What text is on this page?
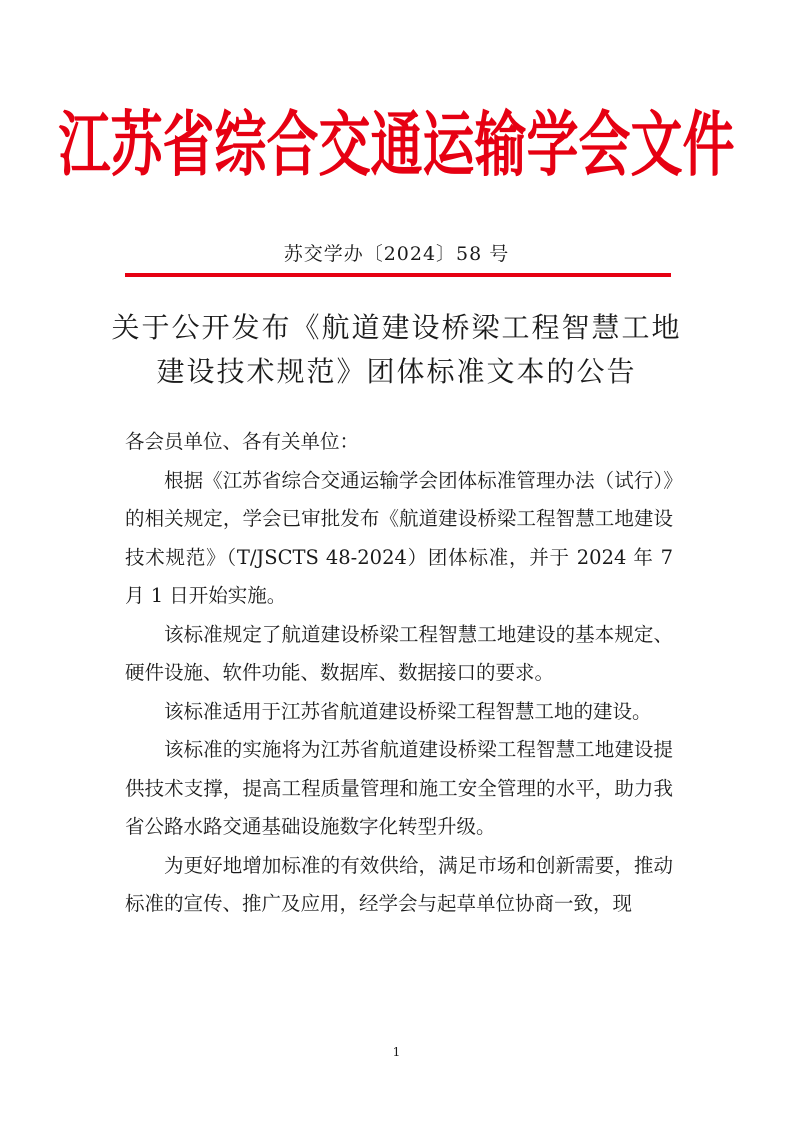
江苏省综合交通运输学会文件
苏交学办〔2024〕58 号
关于公开发布《航道建设桥梁工程智慧工地
建设技术规范》团体标准文本的公告

各会员单位、各有关单位：

根据《江苏省综合交通运输学会团体标准管理办法（试行）》的相关规定，学会已审批发布《航道建设桥梁工程智慧工地建设技术规范》（T/JSCTS 48-2024）团体标准，并于 2024 年 7 月 1 日开始实施。

该标准规定了航道建设桥梁工程智慧工地建设的基本规定、硬件设施、软件功能、数据库、数据接口的要求。

该标准适用于江苏省航道建设桥梁工程智慧工地的建设。

该标准的实施将为江苏省航道建设桥梁工程智慧工地建设提供技术支撑，提高工程质量管理和施工安全管理的水平，助力我省公路水路交通基础设施数字化转型升级。

为更好地增加标准的有效供给，满足市场和创新需要，推动标准的宣传、推广及应用，经学会与起草单位协商一致，现

1
